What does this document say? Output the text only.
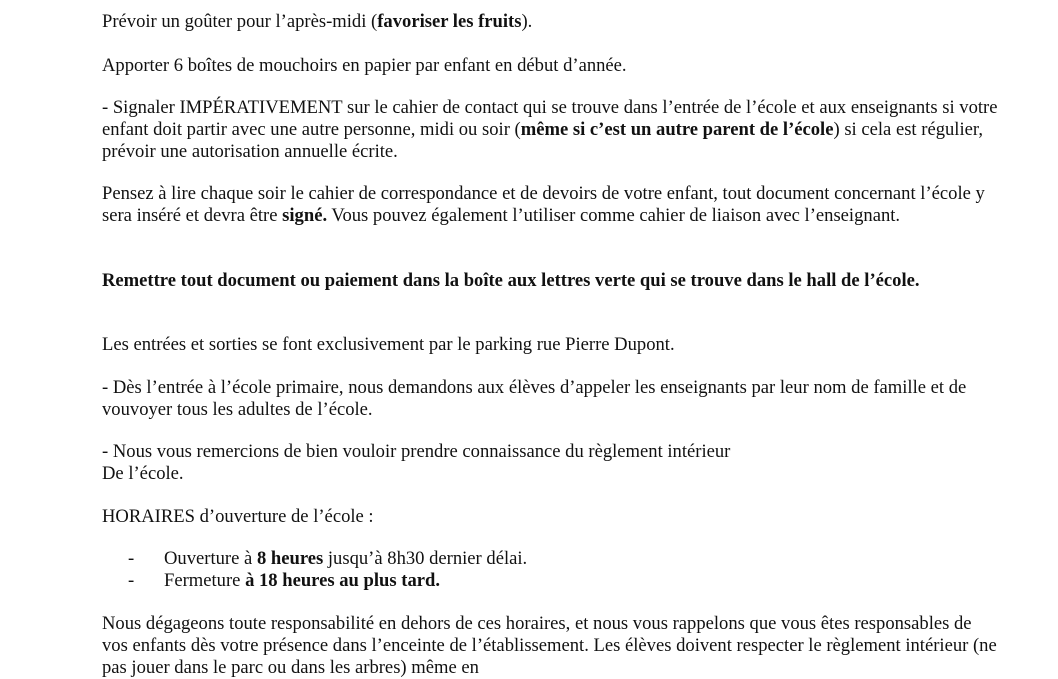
Prévoir un goûter pour l’après-midi (favoriser les fruits).

Apporter 6 boîtes de mouchoirs en papier par enfant en début d’année.

- Signaler IMPÉRATIVEMENT sur le cahier de contact qui se trouve dans l’entrée de l’école et aux enseignants si votre enfant doit partir avec une autre personne, midi ou soir (même si c’est un autre parent de l’école) si cela est régulier, prévoir une autorisation annuelle écrite.

Pensez à lire chaque soir le cahier de correspondance et de devoirs de votre enfant, tout document concernant l’école y sera inséré et devra être signé. Vous pouvez également l’utiliser comme cahier de liaison avec l’enseignant.

Remettre tout document ou paiement dans la boîte aux lettres verte qui se trouve dans le hall de l’école.

Les entrées et sorties se font exclusivement par le parking rue Pierre Dupont.

- Dès l’entrée à l’école primaire, nous demandons aux élèves d’appeler les enseignants par leur nom de famille et de vouvoyer tous les adultes de l’école.

- Nous vous remercions de bien vouloir prendre connaissance du règlement intérieur
De l’école.

HORAIRES d’ouverture de l’école :

- Ouverture à 8 heures jusqu’à 8h30 dernier délai.

- Fermeture à 18 heures au plus tard.

Nous dégageons toute responsabilité en dehors de ces horaires, et nous vous rappelons que vous êtes responsables de vos enfants dès votre présence dans l’enceinte de l’établissement. Les élèves doivent respecter le règlement intérieur (ne pas jouer dans le parc ou dans les arbres) même en
